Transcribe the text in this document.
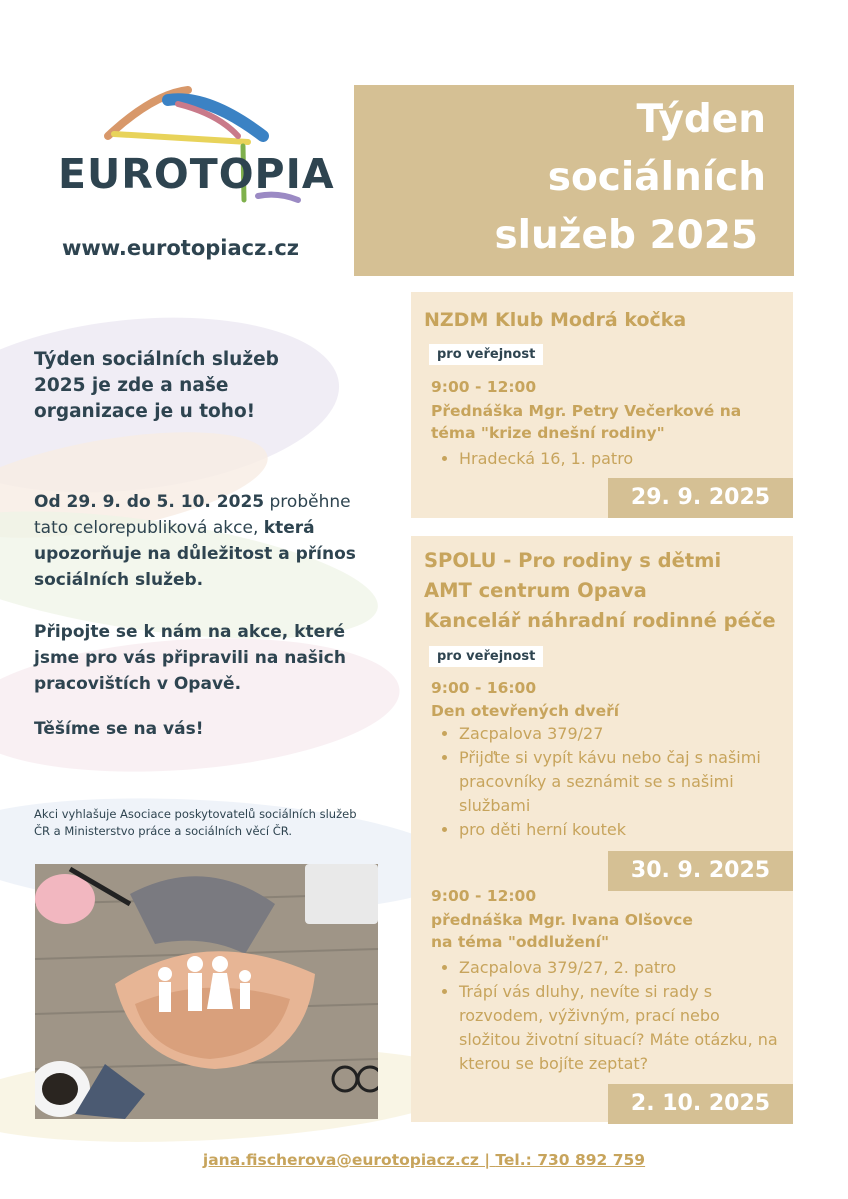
EUROTOPIA
www.eurotopiacz.cz
Týden
sociálních
služeb 2025
Týden sociálních služeb 2025 je zde a naše organizace je u toho!
Od 29. 9. do 5. 10. 2025 proběhne tato celorepubliková akce, která upozorňuje na důležitost a přínos sociálních služeb.
Připojte se k nám na akce, které jsme pro vás připravili na našich pracovištích v Opavě.
Těšíme se na vás!
Akci vyhlašuje Asociace poskytovatelů sociálních služeb ČR a Ministerstvo práce a sociálních věcí ČR.
NZDM Klub Modrá kočka
pro veřejnost
9:00 - 12:00
Přednáška Mgr. Petry Večerkové na
téma "krize dnešní rodiny"
• Hradecká 16, 1. patro
29. 9. 2025
SPOLU - Pro rodiny s dětmi
AMT centrum Opava
Kancelář náhradní rodinné péče
pro veřejnost
9:00 - 16:00
Den otevřených dveří
• Zacpalova 379/27
• Přijďte si vypít kávu nebo čaj s našimi pracovníky a seznámit se s našimi službami
• pro děti herní koutek
30. 9. 2025
9:00 - 12:00
přednáška Mgr. Ivana Olšovce
na téma "oddlužení"
• Zacpalova 379/27, 2. patro
• Trápí vás dluhy, nevíte si rady s rozvodem, výživným, prací nebo složitou životní situací? Máte otázku, na kterou se bojíte zeptat?
2. 10. 2025
jana.fischerova@eurotopiacz.cz | Tel.: 730 892 759
